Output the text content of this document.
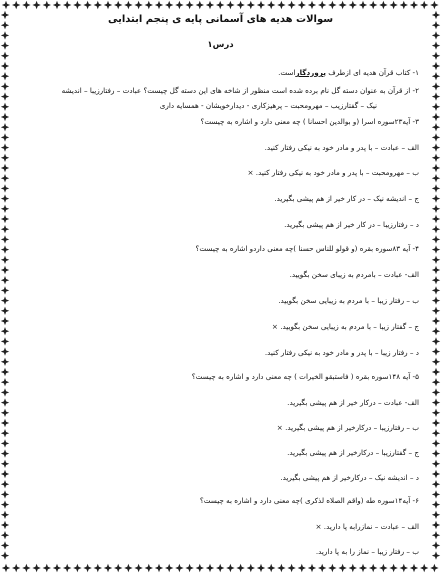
سوالات هدیه های آسمانی پایه ی پنجم ابتدایی
درس۱
۱- کتاب قرآن هدیه ای ازطرف پروردگاراست.
۲- از قرآن به عنوان دسته گل نام برده شده است منظور از شاخه های این دسته گل چیست؟ عبادت – رفتارزیبا – اندیشه
نیک – گفتارزیب – مهرومحبت – پرهیزکاری - دیدارخویشان - همسایه داری
۳- آیه۲۳سوره اسرا (و بوالدین احسانا ) چه معنی دارد و اشاره به چیست؟
الف – عبادت – با پدر و مادر خود به نیکی رفتار کنید.
ب – مهرومحبت – با پدر و مادر خود به نیکی رفتار کنید. ×
ج – اندیشه نیک – در کار خیر از هم پیشی بگیرید.
د – رفتارزیبا – در کار خیر از هم پیشی بگیرید.
۴- آیه ۸۳سوره بقره (و قولو للناس حسنا )چه معنی داردو اشاره به چیست؟
الف- عبادت – بامردم به زیبای سخن بگویید.
ب – رفتار زیبا – با مردم به زیبایی سخن بگویید.
ج – گفتار زیبا – با مردم به زیبایی سخن بگویید. ×
د – رفتار زیبا – با پدر و مادر خود به نیکی رفتار کنید.
۵- آیه ۱۴۸سوره بقره ( فاستبقو الخیرات ) چه معنی دارد و اشاره به چیست؟
الف- عبادت – درکار خیر از هم پیشی بگیرید.
ب – رفتارزیبا – درکارخیر از هم پیشی بگیرید. ×
ج – گفتارزیبا – درکارخیر از هم پیشی بگیرید.
د – اندیشه نیک – درکارخیر از هم پیشی بگیرید.
۶- آیه۱۴سوره طه (واقم الصلاه لذکری )چه معنی دارد و اشاره به چیست؟
الف – عبادت – نمازرابه پا دارید. ×
ب – رفتار زیبا – نماز را به پا دارید.
